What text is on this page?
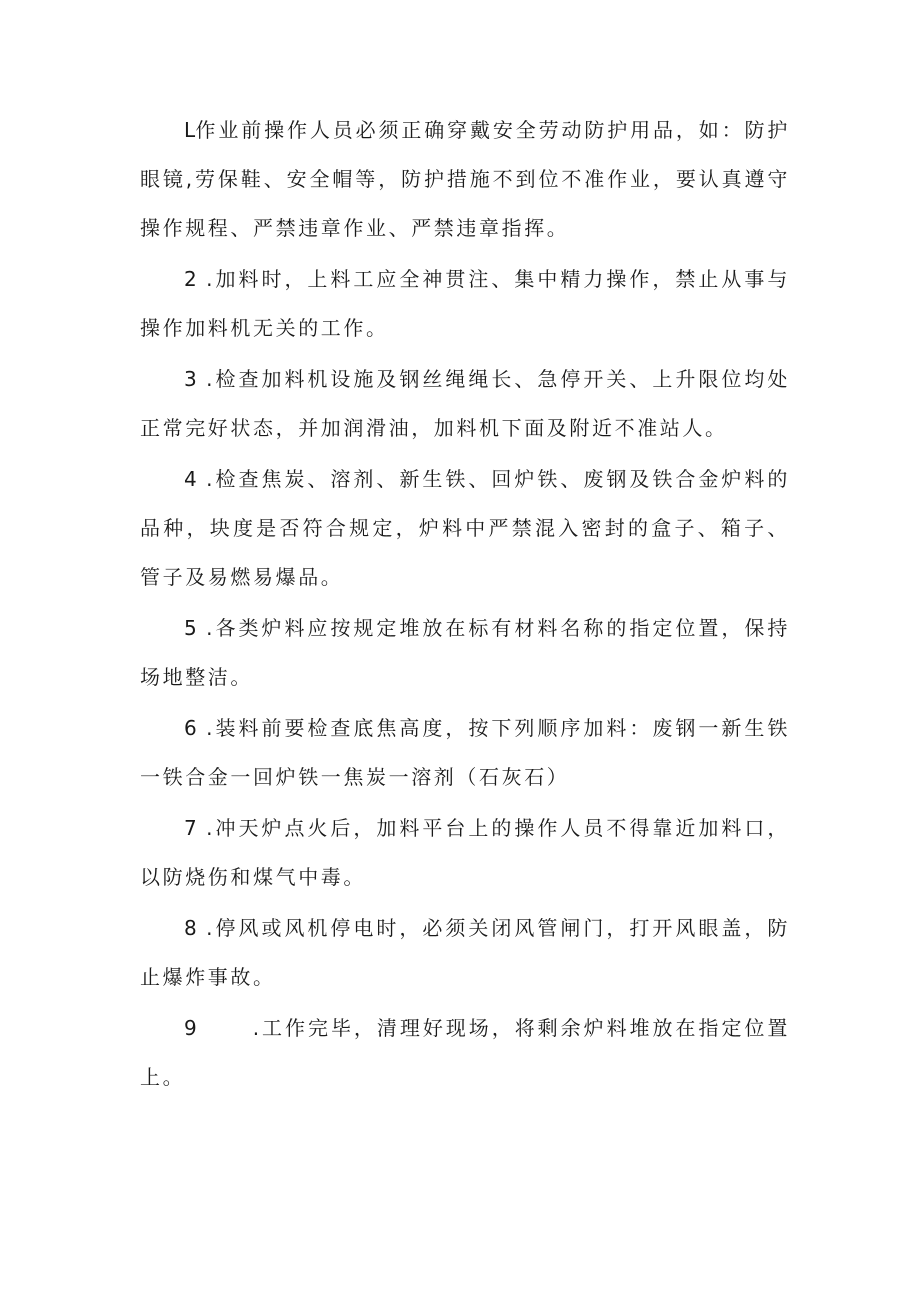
L作业前操作人员必须正确穿戴安全劳动防护用品，如：防护眼镜,劳保鞋、安全帽等，防护措施不到位不准作业，要认真遵守操作规程、严禁违章作业、严禁违章指挥。

2 .加料时，上料工应全神贯注、集中精力操作，禁止从事与操作加料机无关的工作。

3 .检查加料机设施及钢丝绳绳长、急停开关、上升限位均处正常完好状态，并加润滑油，加料机下面及附近不准站人。

4 .检查焦炭、溶剂、新生铁、回炉铁、废钢及铁合金炉料的品种，块度是否符合规定，炉料中严禁混入密封的盒子、箱子、管子及易燃易爆品。

5 .各类炉料应按规定堆放在标有材料名称的指定位置，保持场地整洁。

6 .装料前要检查底焦高度，按下列顺序加料：废钢一新生铁一铁合金一回炉铁一焦炭一溶剂（石灰石）

7 .冲天炉点火后，加料平台上的操作人员不得靠近加料口，以防烧伤和煤气中毒。

8 .停风或风机停电时，必须关闭风管闸门，打开风眼盖，防止爆炸事故。

9      .工作完毕，清理好现场，将剩余炉料堆放在指定位置上。
